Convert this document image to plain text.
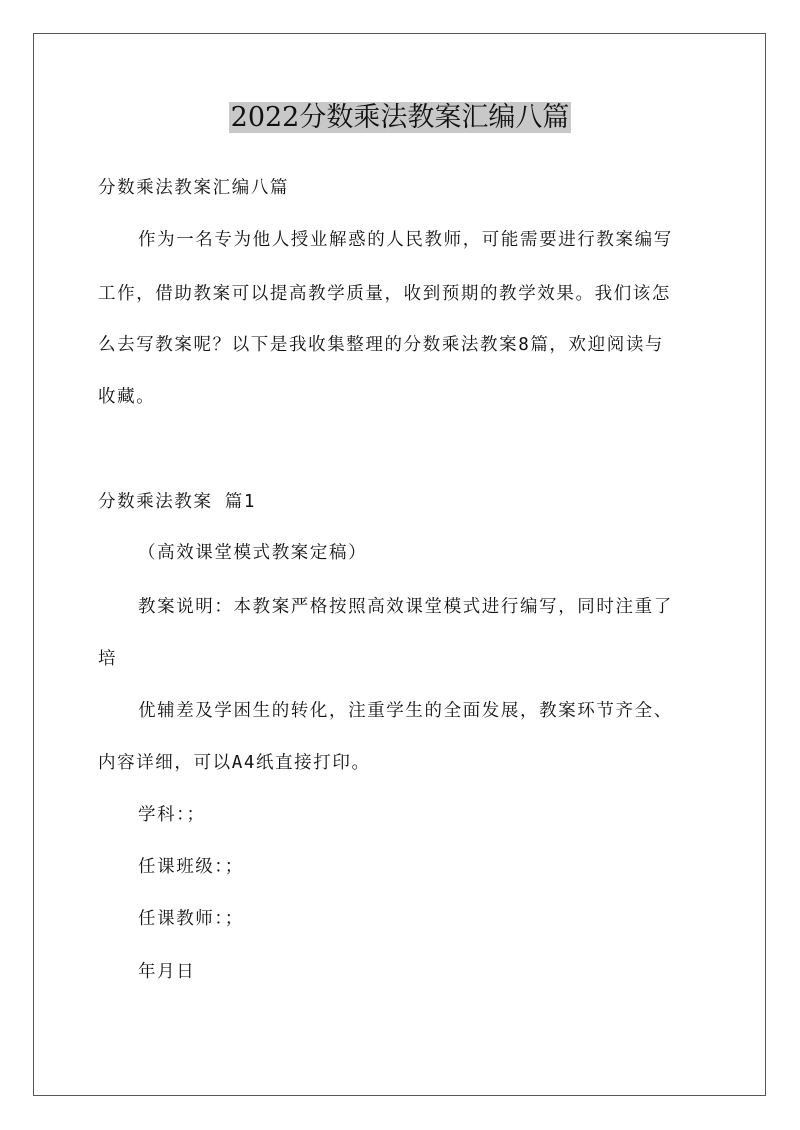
2022分数乘法教案汇编八篇
分数乘法教案汇编八篇
作为一名专为他人授业解惑的人民教师，可能需要进行教案编写
工作，借助教案可以提高教学质量，收到预期的教学效果。我们该怎
么去写教案呢？以下是我收集整理的分数乘法教案8篇，欢迎阅读与
收藏。
分数乘法教案 篇1
（高效课堂模式教案定稿）
教案说明：本教案严格按照高效课堂模式进行编写，同时注重了
培
优辅差及学困生的转化，注重学生的全面发展，教案环节齐全、
内容详细，可以A4纸直接打印。
学科：；
任课班级：；
任课教师：；
年月日
